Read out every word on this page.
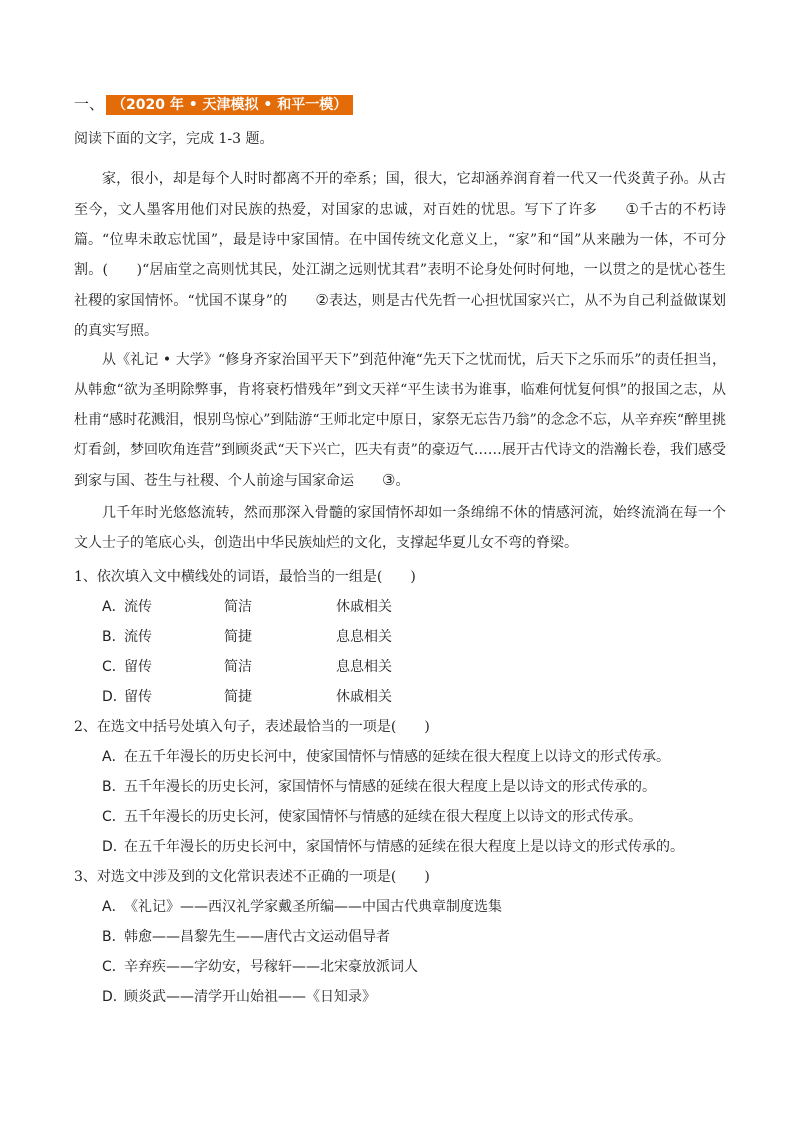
一、 （2020 年 • 天津模拟 • 和平一模）
阅读下面的文字，完成 1-3 题。

家，很小，却是每个人时时都离不开的牵系；国，很大，它却涵养润育着一代又一代炎黄子孙。从古至今，文人墨客用他们对民族的热爱，对国家的忠诚，对百姓的忧思。写下了许多 ①千古的不朽诗篇。 “位卑未敢忘忧国”，最是诗中家国情。在中国传统文化意义上，“家”和“国”从来融为一体，不可分割。(　　)“居庙堂之高则忧其民，处江湖之远则忧其君”表明不论身处何时何地，一以贯之的是忧心苍生社稷的家国情怀。“忧国不谋身”的 ②表达，则是古代先哲一心担忧国家兴亡，从不为自己利益做谋划的真实写照。

从《礼记 • 大学》“修身齐家治国平天下”到范仲淹“先天下之忧而忧，后天下之乐而乐”的责任担当，从韩愈“欲为圣明除弊事，肯将衰朽惜残年”到文天祥“平生读书为谁事，临难何忧复何惧”的报国之志，从杜甫“感时花溅泪，恨别鸟惊心”到陆游“王师北定中原日，家祭无忘告乃翁”的念念不忘，从辛弃疾“醉里挑灯看剑，梦回吹角连营”到顾炎武“天下兴亡，匹夫有责”的豪迈气……展开古代诗文的浩瀚长卷，我们感受到家与国、苍生与社稷、个人前途与国家命运 ③。

几千年时光悠悠流转，然而那深入骨髓的家国情怀却如一条绵绵不休的情感河流，始终流淌在每一个文人士子的笔底心头，创造出中华民族灿烂的文化，支撑起华夏儿女不弯的脊梁。

1、依次填入文中横线处的词语，最恰当的一组是(　　)
A．流传	简洁	休戚相关
B．流传	简捷	息息相关
C．留传	简洁	息息相关
D．留传	简捷	休戚相关
2、在选文中括号处填入句子，表述最恰当的一项是(　　)
A．在五千年漫长的历史长河中，使家国情怀与情感的延续在很大程度上以诗文的形式传承。
B．五千年漫长的历史长河，家国情怀与情感的延续在很大程度上是以诗文的形式传承的。
C．五千年漫长的历史长河，使家国情怀与情感的延续在很大程度上以诗文的形式传承。
D．在五千年漫长的历史长河中，家国情怀与情感的延续在很大程度上是以诗文的形式传承的。
3、对选文中涉及到的文化常识表述不正确的一项是(　　)
A．《礼记》——西汉礼学家戴圣所编——中国古代典章制度选集
B．韩愈——昌黎先生——唐代古文运动倡导者
C．辛弃疾——字幼安，号稼轩——北宋豪放派词人
D．顾炎武——清学开山始祖——《日知录》
